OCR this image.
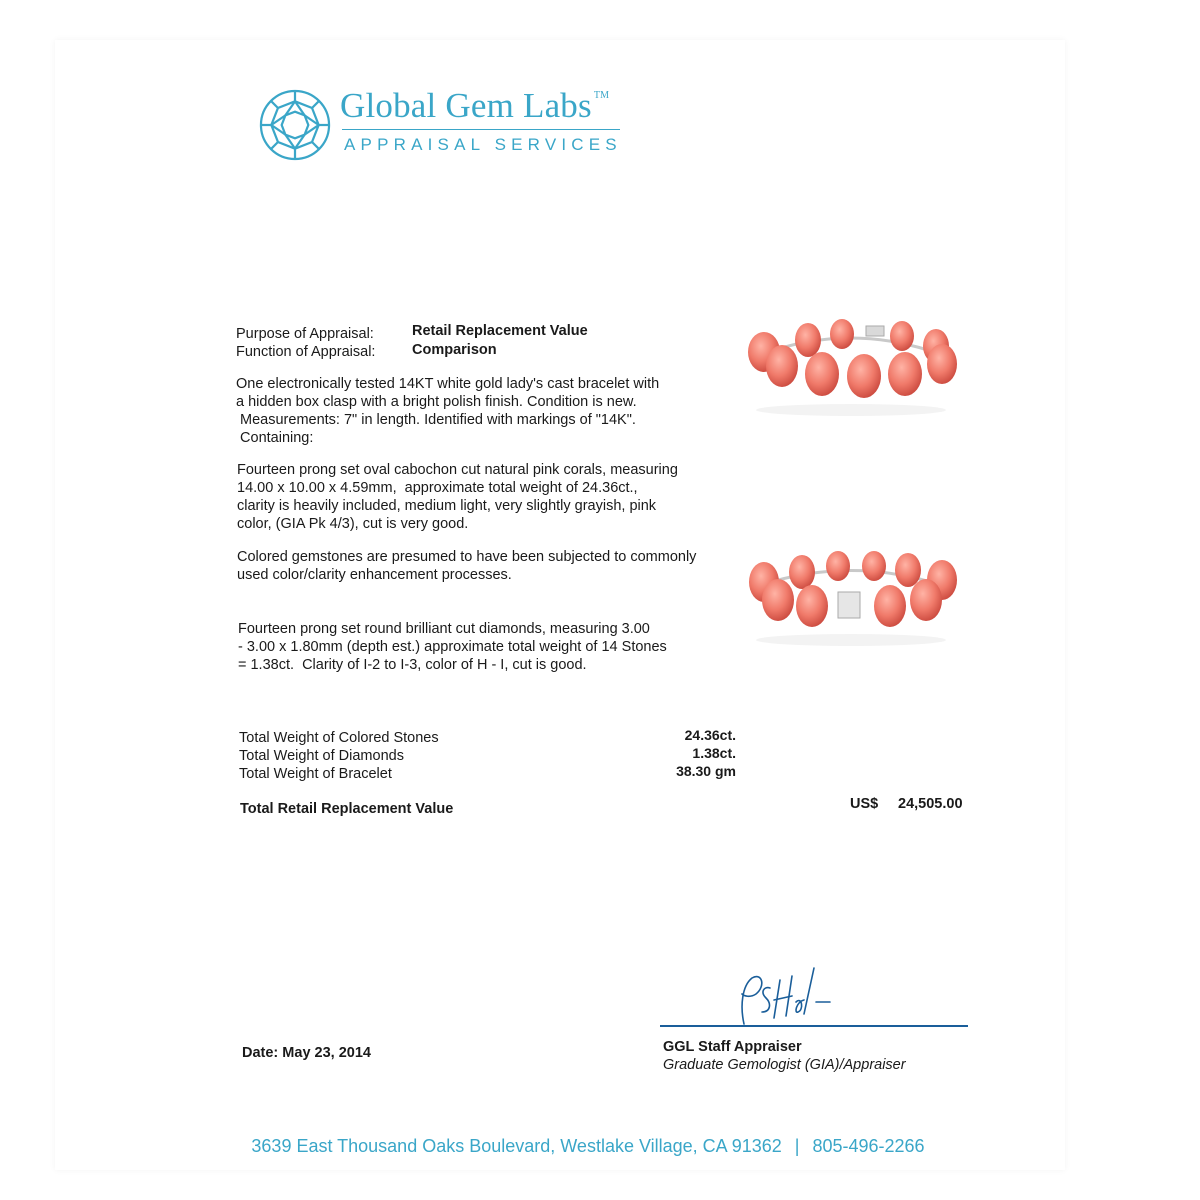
Global Gem Labs ™
APPRAISAL SERVICES
Purpose of Appraisal:	Retail Replacement Value
Function of Appraisal:	Comparison
One electronically tested 14KT white gold lady's cast bracelet with
a hidden box clasp with a bright polish finish. Condition is new.
Measurements: 7" in length. Identified with markings of "14K".
Containing:
Fourteen prong set oval cabochon cut natural pink corals, measuring
14.00 x 10.00 x 4.59mm,  approximate total weight of 24.36ct.,
clarity is heavily included, medium light, very slightly grayish, pink
color, (GIA Pk 4/3), cut is very good.
Colored gemstones are presumed to have been subjected to commonly
used color/clarity enhancement processes.
Fourteen prong set round brilliant cut diamonds, measuring 3.00
- 3.00 x 1.80mm (depth est.) approximate total weight of 14 Stones
= 1.38ct.  Clarity of I-2 to I-3, color of H - I, cut is good.
Total Weight of Colored Stones	24.36ct.
Total Weight of Diamonds	1.38ct.
Total Weight of Bracelet	38.30 gm
Total Retail Replacement Value	US$ 24,505.00
Date: May 23, 2014	GGL Staff Appraiser
Graduate Gemologist (GIA)/Appraiser
3639 East Thousand Oaks Boulevard, Westlake Village, CA 91362 | 805-496-2266
